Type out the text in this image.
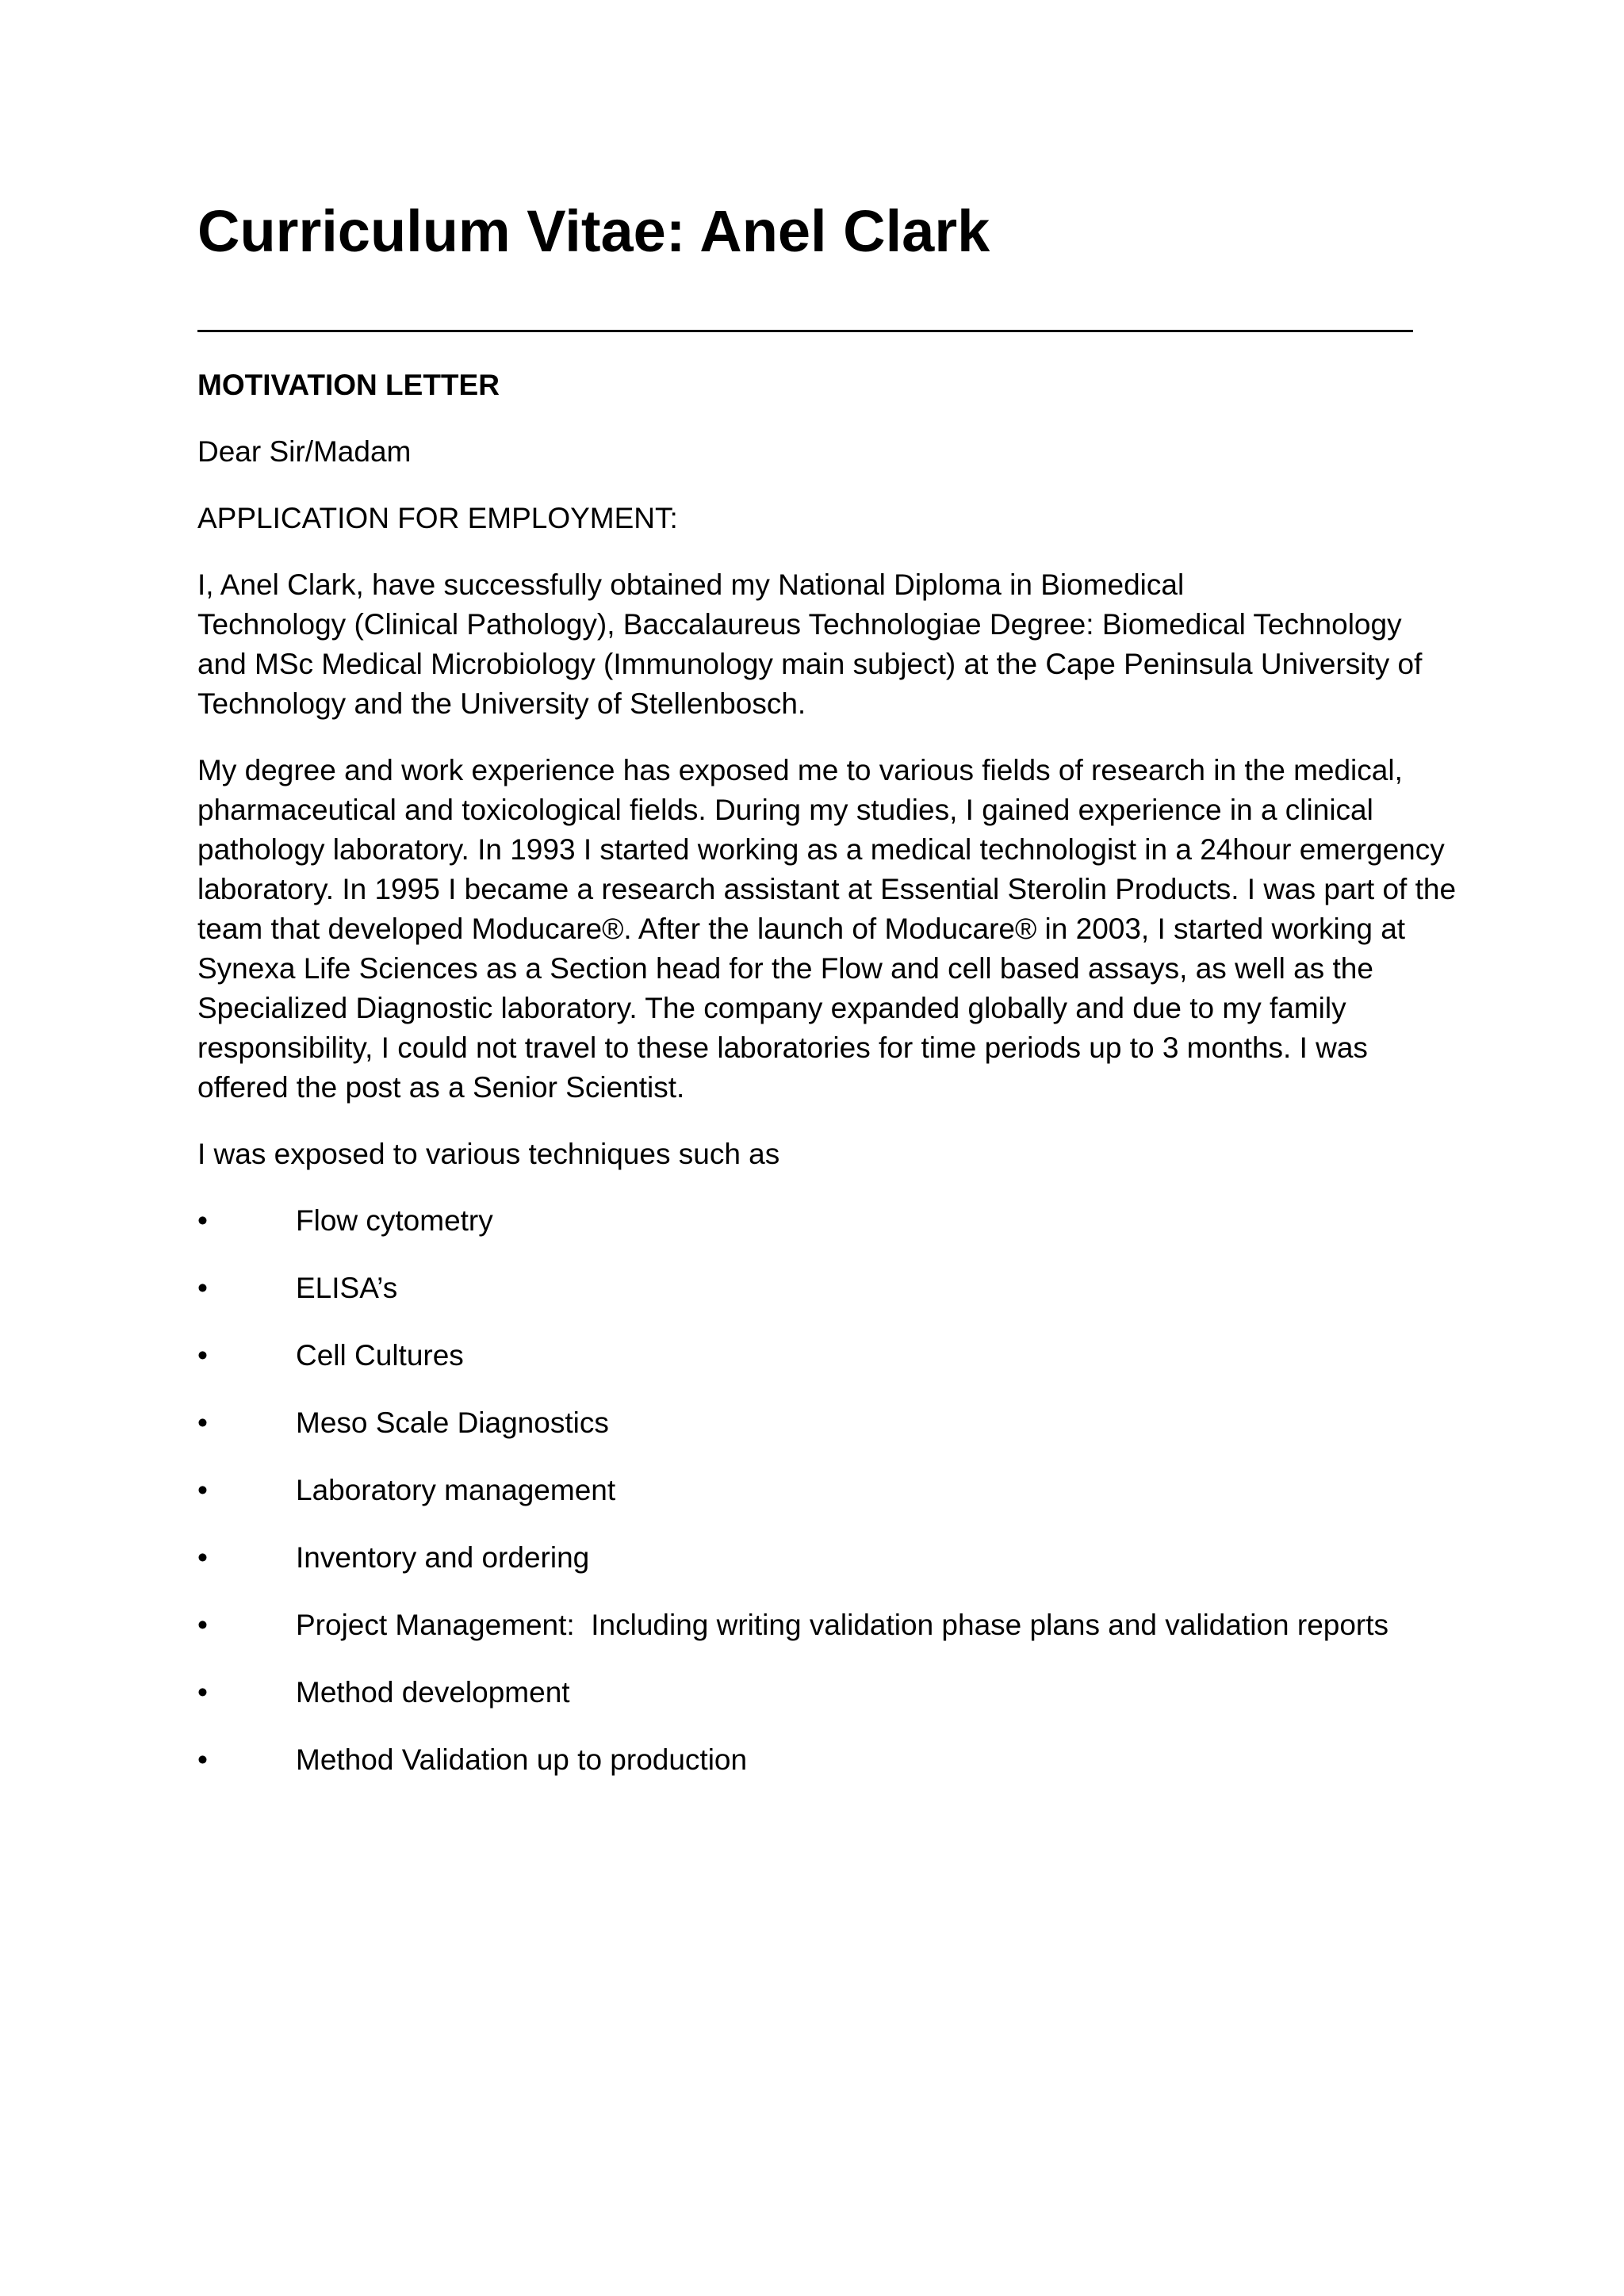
Curriculum Vitae: Anel Clark

MOTIVATION LETTER

Dear Sir/Madam

APPLICATION FOR EMPLOYMENT:

I, Anel Clark, have successfully obtained my National Diploma in Biomedical
Technology (Clinical Pathology), Baccalaureus Technologiae Degree: Biomedical Technology
and MSc Medical Microbiology (Immunology main subject) at the Cape Peninsula University of
Technology and the University of Stellenbosch.

My degree and work experience has exposed me to various fields of research in the medical,
pharmaceutical and toxicological fields. During my studies, I gained experience in a clinical
pathology laboratory. In 1993 I started working as a medical technologist in a 24hour emergency
laboratory. In 1995 I became a research assistant at Essential Sterolin Products. I was part of the
team that developed Moducare®. After the launch of Moducare® in 2003, I started working at
Synexa Life Sciences as a Section head for the Flow and cell based assays, as well as the
Specialized Diagnostic laboratory. The company expanded globally and due to my family
responsibility, I could not travel to these laboratories for time periods up to 3 months. I was
offered the post as a Senior Scientist.

I was exposed to various techniques such as

•	Flow cytometry
•	ELISA’s
•	Cell Cultures
•	Meso Scale Diagnostics
•	Laboratory management
•	Inventory and ordering
•	Project Management:  Including writing validation phase plans and validation reports
•	Method development
•	Method Validation up to production
